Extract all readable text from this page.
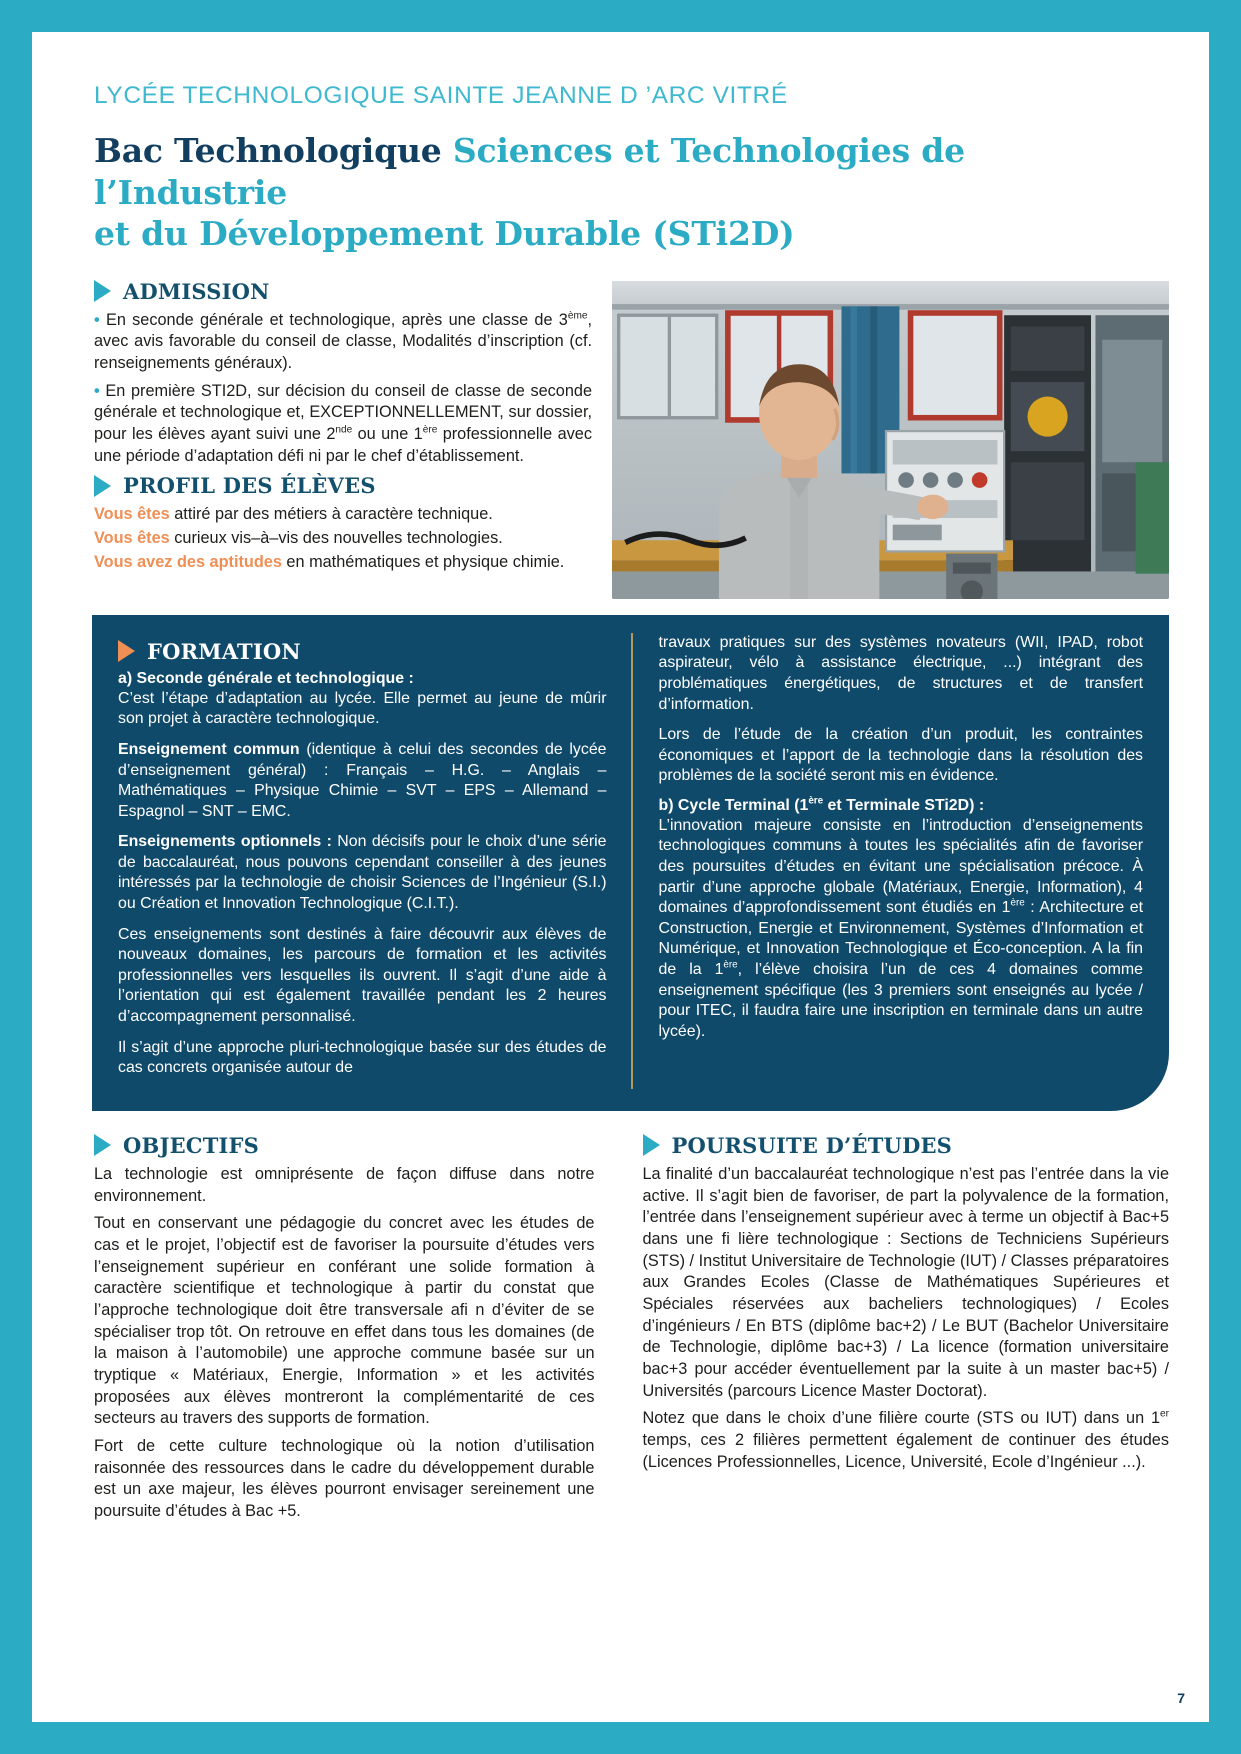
LYCÉE TECHNOLOGIQUE SAINTE JEANNE D ’ARC VITRÉ
Bac Technologique Sciences et Technologies de l’Industrie
et du Développement Durable (STi2D)
ADMISSION

• En seconde générale et technologique, après une classe de 3ème, avec avis favorable du conseil de classe, Modalités d’inscription (cf. renseignements généraux).

• En première STI2D, sur décision du conseil de classe de seconde générale et technologique et, EXCEPTIONNELLEMENT, sur dossier, pour les élèves ayant suivi une 2nde ou une 1ère professionnelle avec une période d’adaptation défi ni par le chef d’établissement.

PROFIL DES ÉLÈVES

Vous êtes attiré par des métiers à caractère technique.

Vous êtes curieux vis–à–vis des nouvelles technologies.

Vous avez des aptitudes en mathématiques et physique chimie.

FORMATION
a) Seconde générale et technologique :

C’est l’étape d’adaptation au lycée. Elle permet au jeune de mûrir son projet à caractère technologique.

Enseignement commun (identique à celui des secondes de lycée d’enseignement général) : Français – H.G. – Anglais – Mathématiques – Physique Chimie – SVT – EPS – Allemand – Espagnol – SNT – EMC.

Enseignements optionnels : Non décisifs pour le choix d’une série de baccalauréat, nous pouvons cependant conseiller à des jeunes intéressés par la technologie de choisir Sciences de l’Ingénieur (S.I.) ou Création et Innovation Technologique (C.I.T.).

Ces enseignements sont destinés à faire découvrir aux élèves de nouveaux domaines, les parcours de formation et les activités professionnelles vers lesquelles ils ouvrent. Il s’agit d’une aide à l’orientation qui est également travaillée pendant les 2 heures d’accompagnement personnalisé.

Il s’agit d’une approche pluri-technologique basée sur des études de cas concrets organisée autour de

travaux pratiques sur des systèmes novateurs (WII, IPAD, robot aspirateur, vélo à assistance électrique, ...) intégrant des problématiques énergétiques, de structures et de transfert d’information.

Lors de l’étude de la création d’un produit, les contraintes économiques et l’apport de la technologie dans la résolution des problèmes de la société seront mis en évidence.

b) Cycle Terminal (1ère et Terminale STi2D) :

L’innovation majeure consiste en l’introduction d’enseignements technologiques communs à toutes les spécialités afin de favoriser des poursuites d’études en évitant une spécialisation précoce. À partir d’une approche globale (Matériaux, Energie, Information), 4 domaines d’approfondissement sont étudiés en 1ère : Architecture et Construction, Energie et Environnement, Systèmes d’Information et Numérique, et Innovation Technologique et Éco-conception. A la fin de la 1ère, l’élève choisira l’un de ces 4 domaines comme enseignement spécifique (les 3 premiers sont enseignés au lycée / pour ITEC, il faudra faire une inscription en terminale dans un autre lycée).

OBJECTIFS

La technologie est omniprésente de façon diffuse dans notre environnement.

Tout en conservant une pédagogie du concret avec les études de cas et le projet, l’objectif est de favoriser la poursuite d’études vers l’enseignement supérieur en conférant une solide formation à caractère scientifique et technologique à partir du constat que l’approche technologique doit être transversale afi n d’éviter de se spécialiser trop tôt. On retrouve en effet dans tous les domaines (de la maison à l’automobile) une approche commune basée sur un tryptique « Matériaux, Energie, Information » et les activités proposées aux élèves montreront la complémentarité de ces secteurs au travers des supports de formation.

Fort de cette culture technologique où la notion d’utilisation raisonnée des ressources dans le cadre du développement durable est un axe majeur, les élèves pourront envisager sereinement une poursuite d’études à Bac +5.

POURSUITE D’ÉTUDES

La finalité d’un baccalauréat technologique n’est pas l’entrée dans la vie active. Il s’agit bien de favoriser, de part la polyvalence de la formation, l’entrée dans l’enseignement supérieur avec à terme un objectif à Bac+5 dans une fi lière technologique : Sections de Techniciens Supérieurs (STS) / Institut Universitaire de Technologie (IUT) / Classes préparatoires aux Grandes Ecoles (Classe de Mathématiques Supérieures et Spéciales réservées aux bacheliers technologiques) / Ecoles d’ingénieurs / En BTS (diplôme bac+2) / Le BUT (Bachelor Universitaire de Technologie, diplôme bac+3) / La licence (formation universitaire bac+3 pour accéder éventuellement par la suite à un master bac+5) / Universités (parcours Licence Master Doctorat).

Notez que dans le choix d’une filière courte (STS ou IUT) dans un 1er temps, ces 2 filières permettent également de continuer des études (Licences Professionnelles, Licence, Université, Ecole d’Ingénieur ...).

7
